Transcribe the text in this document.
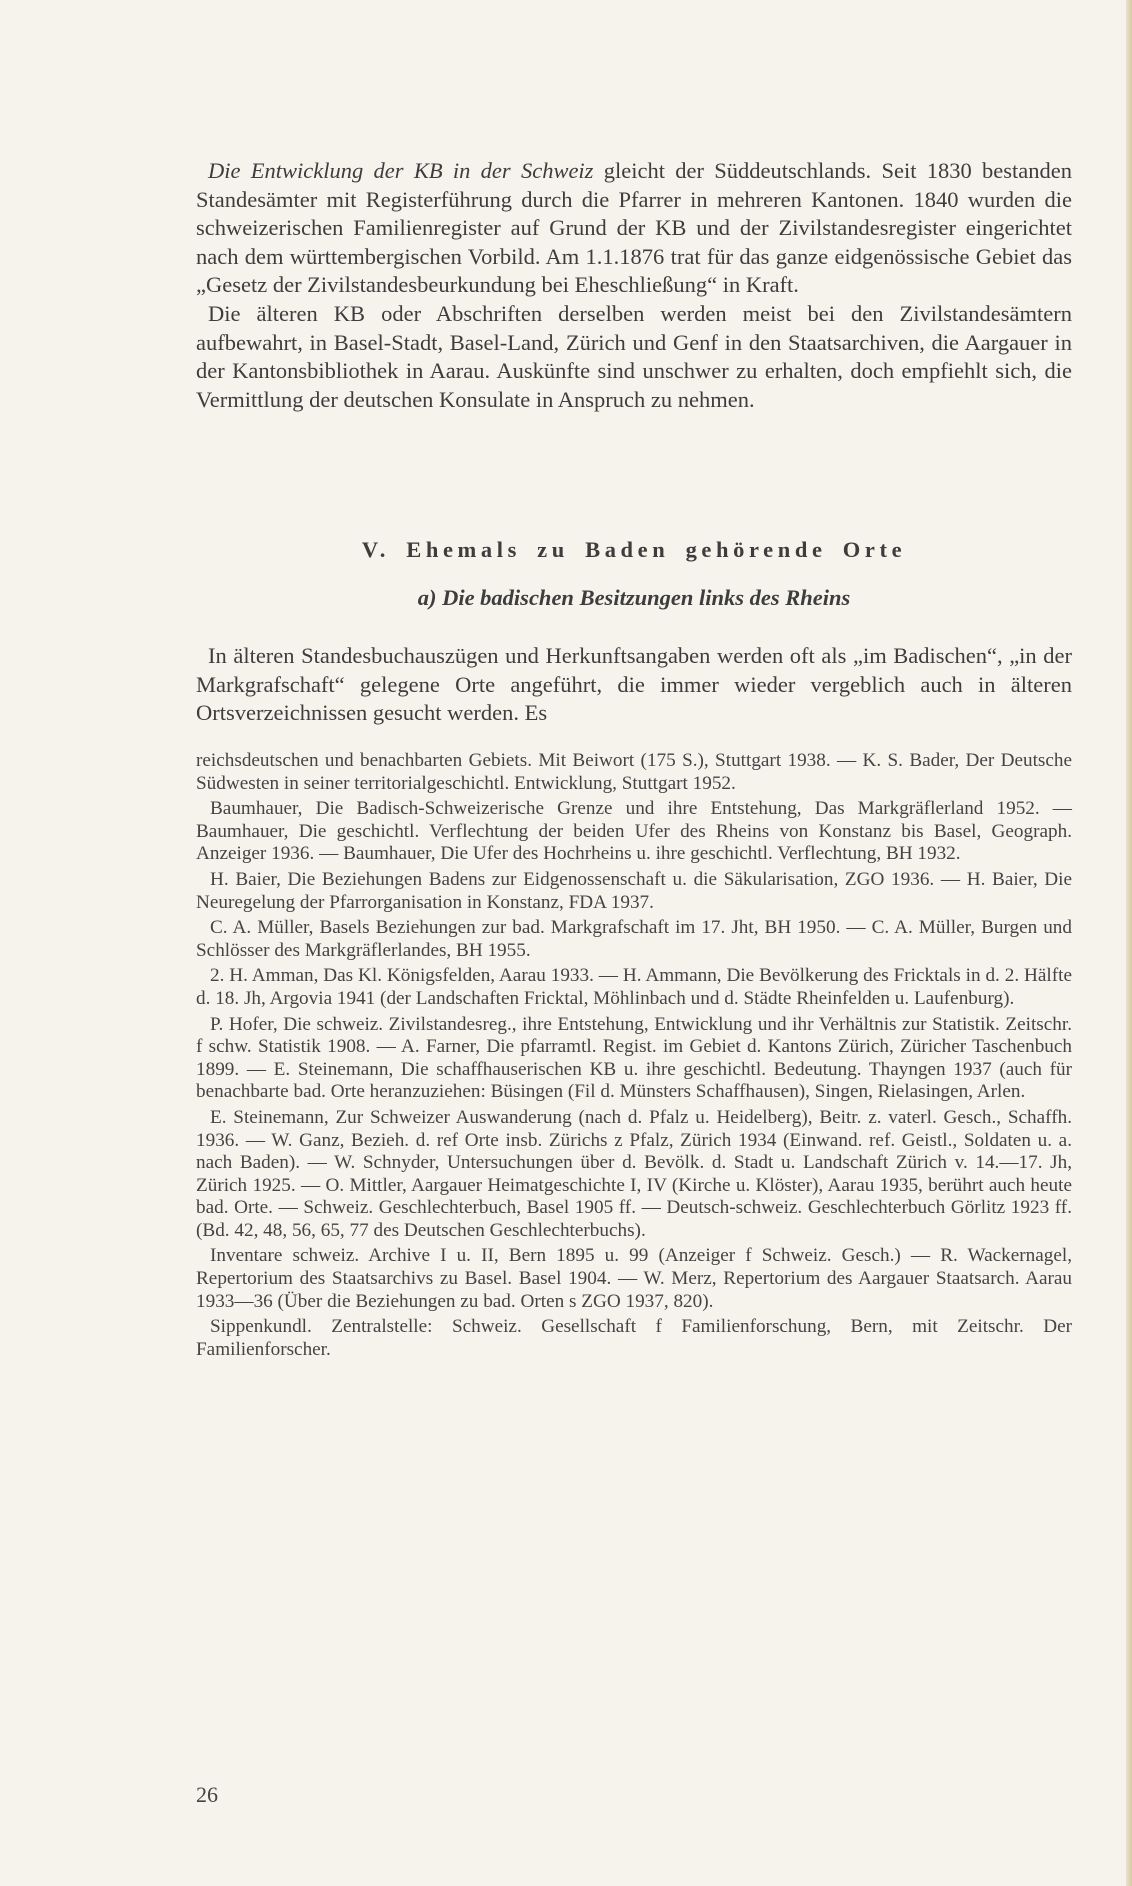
Die Entwicklung der KB in der Schweiz gleicht der Süddeutschlands. Seit 1830 bestanden Standesämter mit Registerführung durch die Pfarrer in mehreren Kantonen. 1840 wurden die schweizerischen Familienregister auf Grund der KB und der Zivilstandesregister eingerichtet nach dem württembergischen Vorbild. Am 1.1.1876 trat für das ganze eidgenössische Gebiet das „Gesetz der Zivilstandesbeurkundung bei Eheschließung“ in Kraft.

Die älteren KB oder Abschriften derselben werden meist bei den Zivilstandesämtern aufbewahrt, in Basel-Stadt, Basel-Land, Zürich und Genf in den Staatsarchiven, die Aargauer in der Kantonsbibliothek in Aarau. Auskünfte sind unschwer zu erhalten, doch empfiehlt sich, die Vermittlung der deutschen Konsulate in Anspruch zu nehmen.

V. Ehemals zu Baden gehörende Orte
a) Die badischen Besitzungen links des Rheins

In älteren Standesbuchauszügen und Herkunftsangaben werden oft als „im Badischen“, „in der Markgrafschaft“ gelegene Orte angeführt, die immer wieder vergeblich auch in älteren Ortsverzeichnissen gesucht werden. Es

reichsdeutschen und benachbarten Gebiets. Mit Beiwort (175 S.), Stuttgart 1938. — K. S. Bader, Der Deutsche Südwesten in seiner territorialgeschichtl. Entwicklung, Stuttgart 1952.

Baumhauer, Die Badisch-Schweizerische Grenze und ihre Entstehung, Das Markgräflerland 1952. — Baumhauer, Die geschichtl. Verflechtung der beiden Ufer des Rheins von Konstanz bis Basel, Geograph. Anzeiger 1936. — Baumhauer, Die Ufer des Hochrheins u. ihre geschichtl. Verflechtung, BH 1932.

H. Baier, Die Beziehungen Badens zur Eidgenossenschaft u. die Säkularisation, ZGO 1936. — H. Baier, Die Neuregelung der Pfarrorganisation in Konstanz, FDA 1937.

C. A. Müller, Basels Beziehungen zur bad. Markgrafschaft im 17. Jht, BH 1950. — C. A. Müller, Burgen und Schlösser des Markgräflerlandes, BH 1955.

2. H. Amman, Das Kl. Königsfelden, Aarau 1933. — H. Ammann, Die Bevölkerung des Fricktals in d. 2. Hälfte d. 18. Jh, Argovia 1941 (der Landschaften Fricktal, Möhlinbach und d. Städte Rheinfelden u. Laufenburg).

P. Hofer, Die schweiz. Zivilstandesreg., ihre Entstehung, Entwicklung und ihr Verhältnis zur Statistik. Zeitschr. f schw. Statistik 1908. — A. Farner, Die pfarramtl. Regist. im Gebiet d. Kantons Zürich, Züricher Taschenbuch 1899. — E. Steinemann, Die schaffhauserischen KB u. ihre geschichtl. Bedeutung. Thayngen 1937 (auch für benachbarte bad. Orte heranzuziehen: Büsingen (Fil d. Münsters Schaffhausen), Singen, Rielasingen, Arlen.

E. Steinemann, Zur Schweizer Auswanderung (nach d. Pfalz u. Heidelberg), Beitr. z. vaterl. Gesch., Schaffh. 1936. — W. Ganz, Bezieh. d. ref Orte insb. Zürichs z Pfalz, Zürich 1934 (Einwand. ref. Geistl., Soldaten u. a. nach Baden). — W. Schnyder, Untersuchungen über d. Bevölk. d. Stadt u. Landschaft Zürich v. 14.—17. Jh, Zürich 1925. — O. Mittler, Aargauer Heimatgeschichte I, IV (Kirche u. Klöster), Aarau 1935, berührt auch heute bad. Orte. — Schweiz. Geschlechterbuch, Basel 1905 ff. — Deutsch-schweiz. Geschlechterbuch Görlitz 1923 ff. (Bd. 42, 48, 56, 65, 77 des Deutschen Geschlechterbuchs).

Inventare schweiz. Archive I u. II, Bern 1895 u. 99 (Anzeiger f Schweiz. Gesch.) — R. Wackernagel, Repertorium des Staatsarchivs zu Basel. Basel 1904. — W. Merz, Repertorium des Aargauer Staatsarch. Aarau 1933—36 (Über die Beziehungen zu bad. Orten s ZGO 1937, 820).

Sippenkundl. Zentralstelle: Schweiz. Gesellschaft f Familienforschung, Bern, mit Zeitschr. Der Familienforscher.

26
